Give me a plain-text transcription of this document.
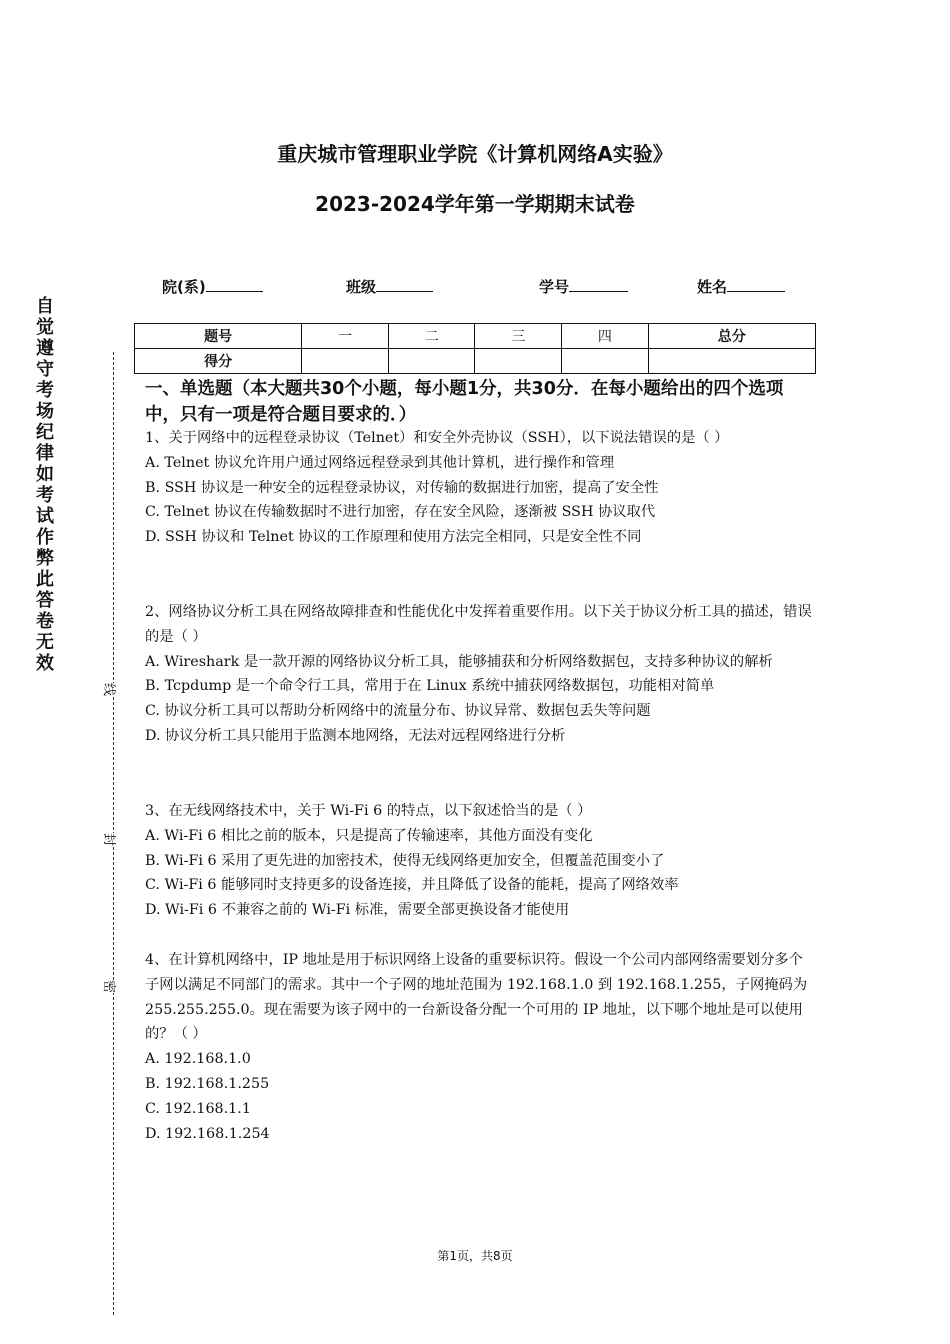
重庆城市管理职业学院《计算机网络A实验》
2023-2024学年第一学期期末试卷
院(系)	班级	学号	姓名
题号	一	二	三	四	总分
得分					
自
觉
遵
守
考
场
纪
律
如
考
试
作
弊
此
答
卷
无
效
线
封
密
一、单选题（本大题共30个小题，每小题1分，共30分．在每小题给出的四个选项中，只有一项是符合题目要求的．）

1、关于网络中的远程登录协议（Telnet）和安全外壳协议（SSH），以下说法错误的是（ ）

A. Telnet 协议允许用户通过网络远程登录到其他计算机，进行操作和管理

B. SSH 协议是一种安全的远程登录协议，对传输的数据进行加密，提高了安全性

C. Telnet 协议在传输数据时不进行加密，存在安全风险，逐渐被 SSH 协议取代

D. SSH 协议和 Telnet 协议的工作原理和使用方法完全相同，只是安全性不同

2、网络协议分析工具在网络故障排查和性能优化中发挥着重要作用。以下关于协议分析工具的描述，错误的是（ ）

A. Wireshark 是一款开源的网络协议分析工具，能够捕获和分析网络数据包，支持多种协议的解析

B. Tcpdump 是一个命令行工具，常用于在 Linux 系统中捕获网络数据包，功能相对简单

C. 协议分析工具可以帮助分析网络中的流量分布、协议异常、数据包丢失等问题

D. 协议分析工具只能用于监测本地网络，无法对远程网络进行分析

3、在无线网络技术中，关于 Wi-Fi 6 的特点，以下叙述恰当的是（ ）

A. Wi-Fi 6 相比之前的版本，只是提高了传输速率，其他方面没有变化

B. Wi-Fi 6 采用了更先进的加密技术，使得无线网络更加安全，但覆盖范围变小了

C. Wi-Fi 6 能够同时支持更多的设备连接，并且降低了设备的能耗，提高了网络效率

D. Wi-Fi 6 不兼容之前的 Wi-Fi 标准，需要全部更换设备才能使用

4、在计算机网络中，IP 地址是用于标识网络上设备的重要标识符。假设一个公司内部网络需要划分多个子网以满足不同部门的需求。其中一个子网的地址范围为 192.168.1.0 到 192.168.1.255，子网掩码为 255.255.255.0。现在需要为该子网中的一台新设备分配一个可用的 IP 地址，以下哪个地址是可以使用的？（ ）

A. 192.168.1.0

B. 192.168.1.255

C. 192.168.1.1

D. 192.168.1.254

第1页，共8页
